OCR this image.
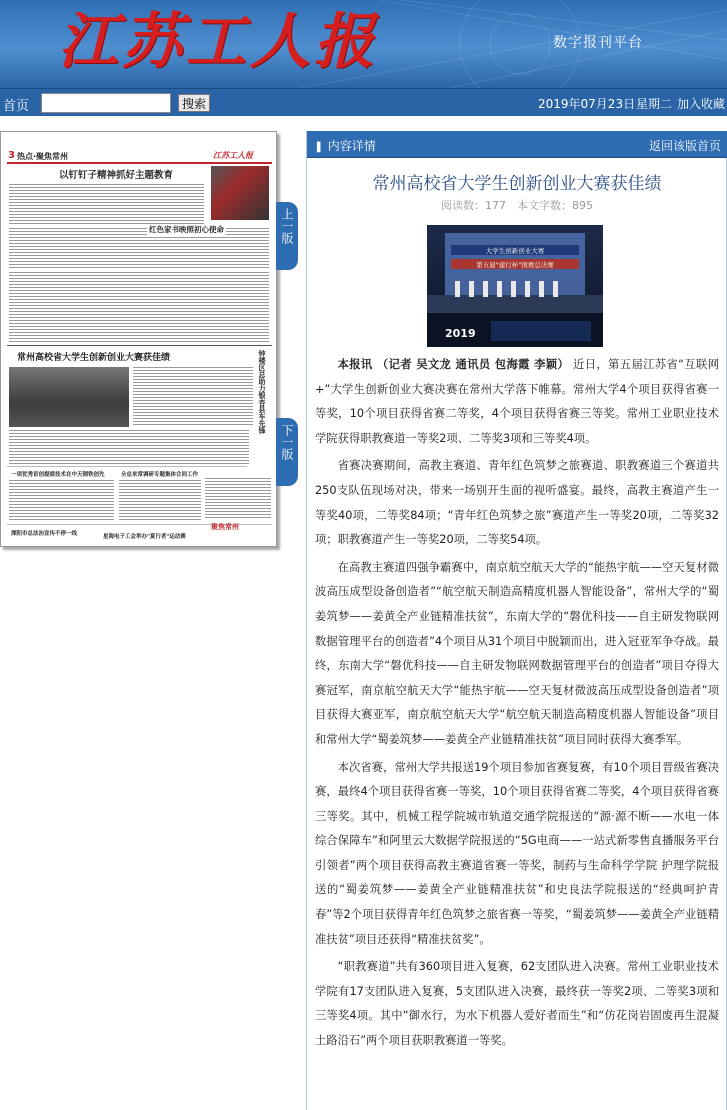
江苏工人报	数字报刊平台
首页	搜索	2019年07月23日 星期二 加入收藏
3 热点·聚焦常州	江苏工人报
以钉钉子精神抓好主题教育
红色家书映照初心使命
常州高校省大学生创新创业大赛获佳绩	钟楼区总助力银杏县车先锋
一项优秀首创提绩技术在中天钢铁创先	全总来常调研专题集体合同工作
溧阳市总法治宣传不停一线	星海电子工会举办"夏行者"运动赛
聚焦常州
上一版
下一版
▌ 内容详情	返回该版首页
常州高校省大学生创新创业大赛获佳绩
阅读数：177　本文字数：895
第五届"建行杯"国赛总决赛
大学生创新创业大赛
2019

本报讯 （记者 吴文龙 通讯员 包海霞 李颖） 近日，第五届江苏省“互联网+”大学生创新创业大赛决赛在常州大学落下帷幕。常州大学4个项目获得省赛一等奖，10个项目获得省赛二等奖，4个项目获得省赛三等奖。常州工业职业技术学院获得职教赛道一等奖2项、二等奖3项和三等奖4项。

省赛决赛期间，高教主赛道、青年红色筑梦之旅赛道、职教赛道三个赛道共250支队伍现场对决，带来一场别开生面的视听盛宴。最终，高教主赛道产生一等奖40项，二等奖84项；“青年红色筑梦之旅”赛道产生一等奖20项，二等奖32项；职教赛道产生一等奖20项，二等奖54项。

在高教主赛道四强争霸赛中，南京航空航天大学的“能热宇航——空天复材微波高压成型设备创造者”“航空航天制造高精度机器人智能设备”，常州大学的“蜀姜筑梦——姜黄全产业链精准扶贫”，东南大学的“磐优科技——自主研发物联网数据管理平台的创造者”4个项目从31个项目中脱颖而出，进入冠亚军争夺战。最终，东南大学“磐优科技——自主研发物联网数据管理平台的创造者”项目夺得大赛冠军，南京航空航天大学“能热宇航——空天复材微波高压成型设备创造者”项目获得大赛亚军，南京航空航天大学“航空航天制造高精度机器人智能设备”项目和常州大学“蜀姜筑梦——姜黄全产业链精准扶贫”项目同时获得大赛季军。

本次省赛，常州大学共报送19个项目参加省赛复赛，有10个项目晋级省赛决赛，最终4个项目获得省赛一等奖，10个项目获得省赛二等奖，4个项目获得省赛三等奖。其中，机械工程学院城市轨道交通学院报送的“源·源不断——水电一体综合保障车”和阿里云大数据学院报送的“5G电商——一站式新零售直播服务平台引领者”两个项目获得高教主赛道省赛一等奖，制药与生命科学学院 护理学院报送的“蜀姜筑梦——姜黄全产业链精准扶贫”和史良法学院报送的“经典呵护青春”等2个项目获得青年红色筑梦之旅省赛一等奖，“蜀姜筑梦——姜黄全产业链精准扶贫”项目还获得“精准扶贫奖”。

“职教赛道”共有360项目进入复赛，62支团队进入决赛。常州工业职业技术学院有17支团队进入复赛，5支团队进入决赛，最终获一等奖2项、二等奖3项和三等奖4项。其中“御水行，为水下机器人爱好者而生”和“仿花岗岩固废再生混凝土路沿石”两个项目获职教赛道一等奖。
